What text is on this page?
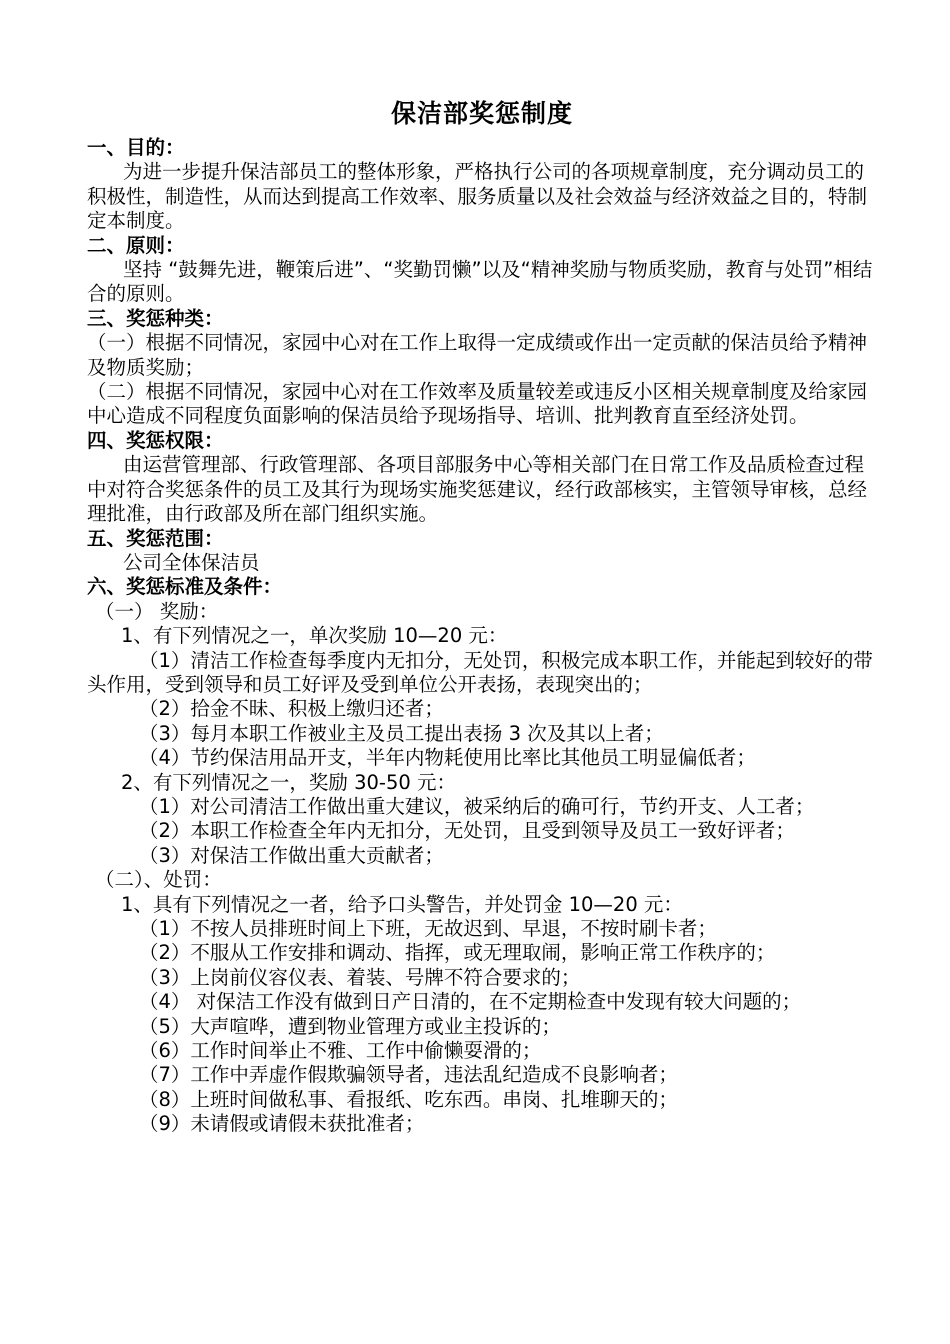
保洁部奖惩制度
一、目的：
为进一步提升保洁部员工的整体形象，严格执行公司的各项规章制度，充分调动员工的积极性，制造性，从而达到提高工作效率、服务质量以及社会效益与经济效益之目的，特制定本制度。
二、原则：
坚持 “鼓舞先进，鞭策后进”、“奖勤罚懒”以及“精神奖励与物质奖励，教育与处罚”相结合的原则。
三、奖惩种类：
（一）根据不同情况，家园中心对在工作上取得一定成绩或作出一定贡献的保洁员给予精神及物质奖励；
（二）根据不同情况，家园中心对在工作效率及质量较差或违反小区相关规章制度及给家园中心造成不同程度负面影响的保洁员给予现场指导、培训、批判教育直至经济处罚。
四、奖惩权限：
由运营管理部、行政管理部、各项目部服务中心等相关部门在日常工作及品质检查过程中对符合奖惩条件的员工及其行为现场实施奖惩建议，经行政部核实，主管领导审核，总经理批准，由行政部及所在部门组织实施。
五、奖惩范围：
公司全体保洁员
六、奖惩标准及条件：
（一） 奖励：
1、有下列情况之一，单次奖励 10—20 元：
（1）清洁工作检查每季度内无扣分，无处罚，积极完成本职工作，并能起到较好的带头作用，受到领导和员工好评及受到单位公开表扬，表现突出的；
（2）拾金不昧、积极上缴归还者；
（3）每月本职工作被业主及员工提出表扬 3 次及其以上者；
（4）节约保洁用品开支，半年内物耗使用比率比其他员工明显偏低者；
2、有下列情况之一，奖励 30-50 元：
（1）对公司清洁工作做出重大建议，被采纳后的确可行，节约开支、人工者；
（2）本职工作检查全年内无扣分，无处罚，且受到领导及员工一致好评者；
（3）对保洁工作做出重大贡献者；
（二）、处罚：
1、具有下列情况之一者，给予口头警告，并处罚金 10—20 元：
（1）不按人员排班时间上下班，无故迟到、早退，不按时刷卡者；
（2）不服从工作安排和调动、指挥，或无理取闹，影响正常工作秩序的；
（3）上岗前仪容仪表、着装、号牌不符合要求的；
（4） 对保洁工作没有做到日产日清的，在不定期检查中发现有较大问题的；
（5）大声喧哗，遭到物业管理方或业主投诉的；
（6）工作时间举止不雅、工作中偷懒耍滑的；
（7）工作中弄虚作假欺骗领导者，违法乱纪造成不良影响者；
（8）上班时间做私事、看报纸、吃东西。串岗、扎堆聊天的；
（9）未请假或请假未获批准者；
